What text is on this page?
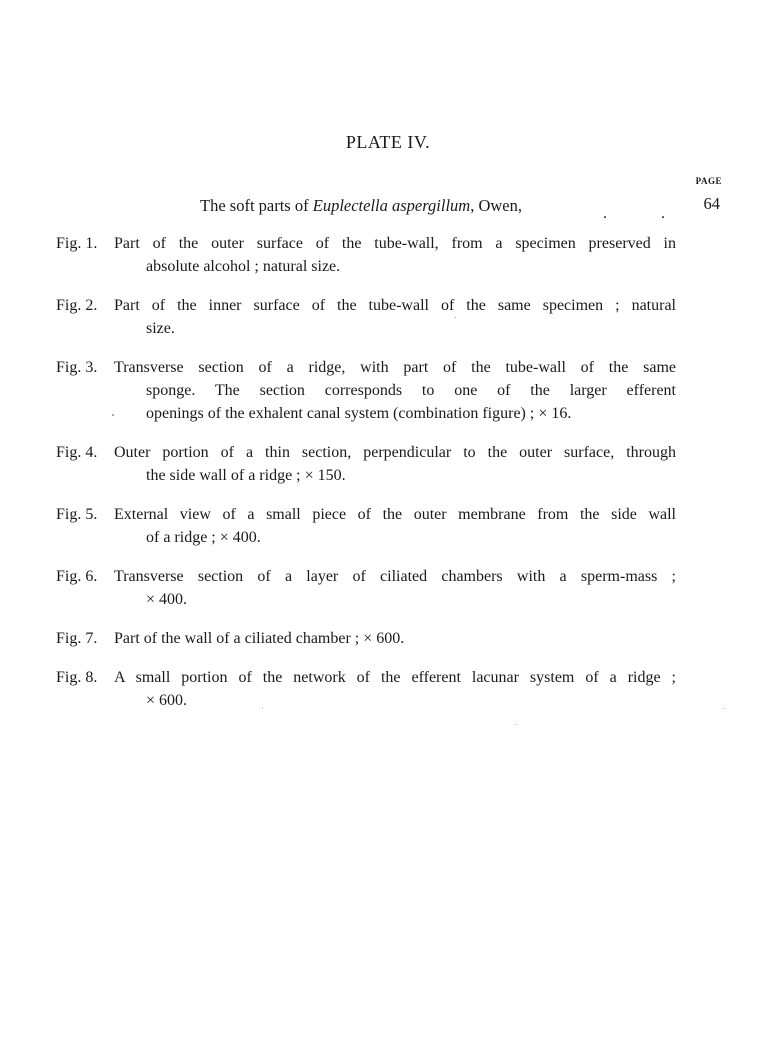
PLATE IV.
PAGE
The soft parts of Euplectella aspergillum, Owen,	.	.
64
Fig. 1. Part of the outer surface of the tube-wall, from a specimen preserved in
absolute alcohol ; natural size.
Fig. 2. Part of the inner surface of the tube-wall of the same specimen ; natural
size.
Fig. 3. Transverse section of a ridge, with part of the tube-wall of the same
sponge. The section corresponds to one of the larger efferent
openings of the exhalent canal system (combination figure) ; × 16.
Fig. 4. Outer portion of a thin section, perpendicular to the outer surface, through
the side wall of a ridge ; × 150.
Fig. 5. External view of a small piece of the outer membrane from the side wall
of a ridge ; × 400.
Fig. 6. Transverse section of a layer of ciliated chambers with a sperm-mass ;
× 400.
Fig. 7. Part of the wall of a ciliated chamber ; × 600.
Fig. 8. A small portion of the network of the efferent lacunar system of a ridge ;
× 600.
